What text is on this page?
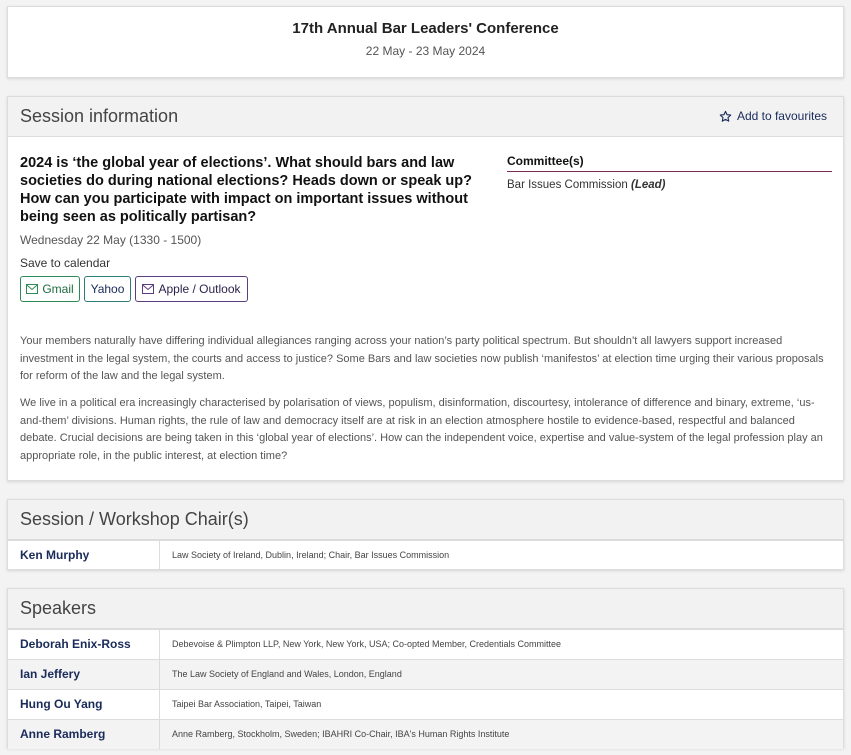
17th Annual Bar Leaders' Conference
22 May - 23 May 2024
Session information	Add to favourites
2024 is ‘the global year of elections’. What should bars and law societies do during national elections? Heads down or speak up? How can you participate with impact on important issues without being seen as politically partisan?
Wednesday 22 May (1330 - 1500)
Save to calendar
Gmail Yahoo	Apple / Outlook
Committee(s)
Bar Issues Commission (Lead)
Your members naturally have differing individual allegiances ranging across your nation’s party political spectrum. But shouldn’t all lawyers support increased investment in the legal system, the courts and access to justice? Some Bars and law societies now publish ‘manifestos’ at election time urging their various proposals for reform of the law and the legal system.
We live in a political era increasingly characterised by polarisation of views, populism, disinformation, discourtesy, intolerance of difference and binary, extreme, ‘us-and-them’ divisions. Human rights, the rule of law and democracy itself are at risk in an election atmosphere hostile to evidence-based, respectful and balanced debate. Crucial decisions are being taken in this ‘global year of elections’. How can the independent voice, expertise and value-system of the legal profession play an appropriate role, in the public interest, at election time?
Session / Workshop Chair(s)
Ken Murphy	Law Society of Ireland, Dublin, Ireland; Chair, Bar Issues Commission
Speakers
Deborah Enix-Ross	Debevoise & Plimpton LLP, New York, New York, USA; Co-opted Member, Credentials Committee
Ian Jeffery	The Law Society of England and Wales, London, England
Hung Ou Yang	Taipei Bar Association, Taipei, Taiwan
Anne Ramberg	Anne Ramberg, Stockholm, Sweden; IBAHRI Co-Chair, IBA's Human Rights Institute
